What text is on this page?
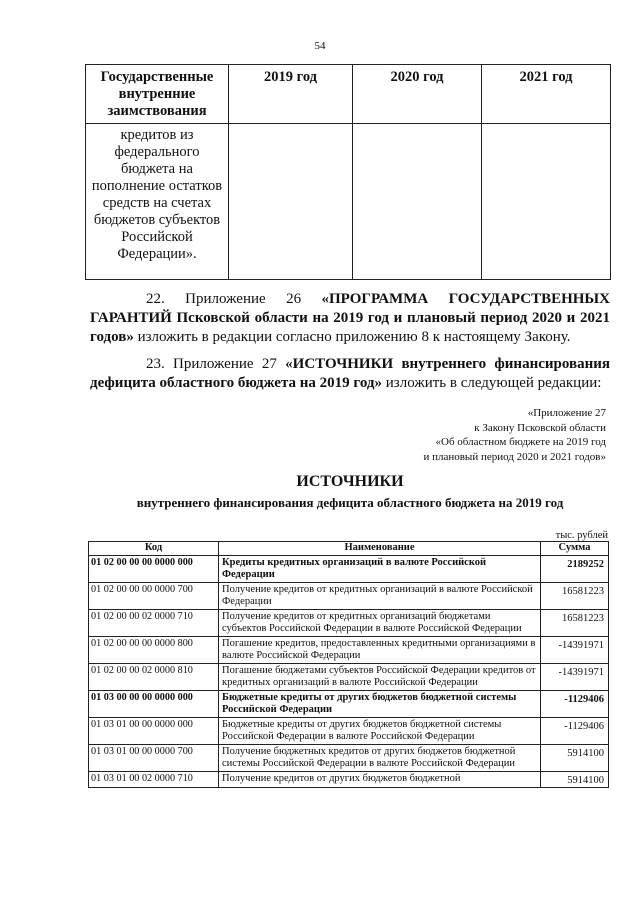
54
Государственные внутренние заимствования	2019 год	2020 год	2021 год
кредитов из федерального бюджета на пополнение остатков средств на счетах бюджетов субъектов Российской Федерации».			
22. Приложение 26 «ПРОГРАММА ГОСУДАРСТВЕННЫХ ГАРАНТИЙ Псковской области на 2019 год и плановый период 2020 и 2021 годов» изложить в редакции согласно приложению 8 к настоящему Закону.
23. Приложение 27 «ИСТОЧНИКИ внутреннего финансирования дефицита областного бюджета на 2019 год» изложить в следующей редакции:
«Приложение 27
к Закону Псковской области
«Об областном бюджете на 2019 год
и плановый период 2020 и 2021 годов»
ИСТОЧНИКИ
внутреннего финансирования дефицита областного бюджета на 2019 год
тыс. рублей
Код	Наименование	Сумма
01 02 00 00 00 0000 000	Кредиты кредитных организаций в валюте Российской Федерации	2189252
01 02 00 00 00 0000 700	Получение кредитов от кредитных организаций в валюте Российской Федерации	16581223
01 02 00 00 02 0000 710	Получение кредитов от кредитных организаций бюджетами субъектов Российской Федерации в валюте Российской Федерации	16581223
01 02 00 00 00 0000 800	Погашение кредитов, предоставленных кредитными организациями в валюте Российской Федерации	-14391971
01 02 00 00 02 0000 810	Погашение бюджетами субъектов Российской Федерации кредитов от кредитных организаций в валюте Российской Федерации	-14391971
01 03 00 00 00 0000 000	Бюджетные кредиты от других бюджетов бюджетной системы Российской Федерации	-1129406
01 03 01 00 00 0000 000	Бюджетные кредиты от других бюджетов бюджетной системы Российской Федерации в валюте Российской Федерации	-1129406
01 03 01 00 00 0000 700	Получение бюджетных кредитов от других бюджетов бюджетной системы Российской Федерации в валюте Российской Федерации	5914100
01 03 01 00 02 0000 710	Получение кредитов от других бюджетов бюджетной	5914100
